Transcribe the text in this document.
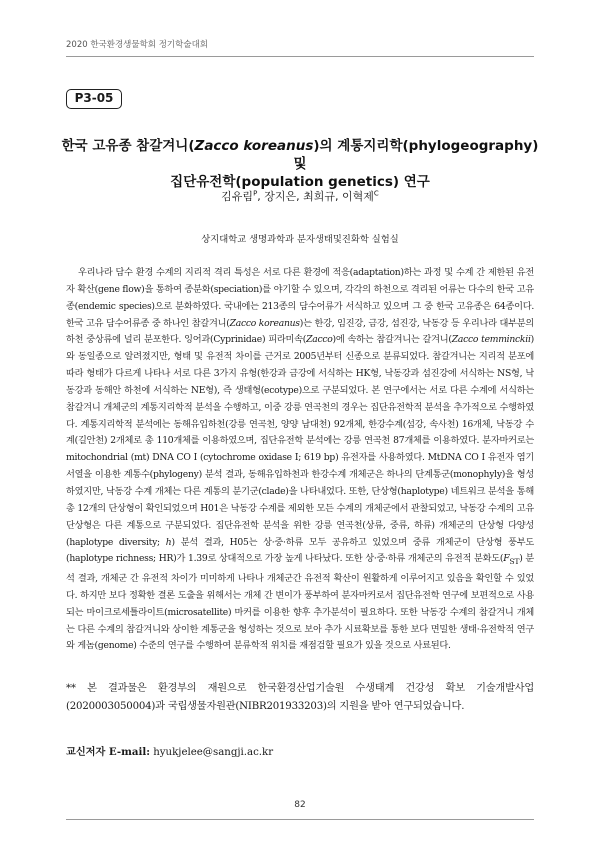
2020 한국환경생물학회 정기학술대회
P3-05
한국 고유종 참갈겨니(Zacco koreanus)의 계통지리학(phylogeography) 및
집단유전학(population genetics) 연구
김유림$^P$, 장지은, 최희규, 이혁제$^C$
상지대학교 생명과학과 분자생태및진화학 실험실
우리나라 담수 환경 수계의 지리적 격리 특성은 서로 다른 환경에 적응(adaptation)하는 과정 및 수계 간 제한된 유전자 확산(gene flow)을 통하여 종분화(speciation)를 야기할 수 있으며, 각각의 하천으로 격리된 어류는 다수의 한국 고유종(endemic species)으로 분화하였다. 국내에는 213종의 담수어류가 서식하고 있으며 그 중 한국 고유종은 64종이다. 한국 고유 담수어류종 중 하나인 참갈겨니(Zacco koreanus)는 한강, 임진강, 금강, 섬진강, 낙동강 등 우리나라 대부분의 하천 중상류에 널리 분포한다. 잉어과(Cyprinidae) 피라미속(Zacco)에 속하는 참갈겨니는 갈겨니(Zacco temminckii)와 동일종으로 알려졌지만, 형태 및 유전적 차이를 근거로 2005년부터 신종으로 분류되었다. 참갈겨니는 지리적 분포에 따라 형태가 다르게 나타나 서로 다른 3가지 유형(한강과 금강에 서식하는 HK형, 낙동강과 섬진강에 서식하는 NS형, 낙동강과 동해안 하천에 서식하는 NE형), 즉 생태형(ecotype)으로 구분되었다. 본 연구에서는 서로 다른 수계에 서식하는 참갈겨니 개체군의 계통지리학적 분석을 수행하고, 이중 강릉 연곡천의 경우는 집단유전학적 분석을 추가적으로 수행하였다. 계통지리학적 분석에는 동해유입하천(강릉 연곡천, 양양 남대천) 92개체, 한강수계(섬강, 속사천) 16개체, 낙동강 수계(길안천) 2개체로 총 110개체를 이용하였으며, 집단유전학 분석에는 강릉 연곡천 87개체를 이용하였다. 분자마커로는 mitochondrial (mt) DNA CO I (cytochrome oxidase I; 619 bp) 유전자를 사용하였다. MtDNA CO I 유전자 염기서열을 이용한 계통수(phylogeny) 분석 결과, 동해유입하천과 한강수계 개체군은 하나의 단계통군(monophyly)을 형성하였지만, 낙동강 수계 개체는 다른 계통의 분기군(clade)을 나타내었다. 또한, 단상형(haplotype) 네트워크 분석을 통해 총 12개의 단상형이 확인되었으며 H01은 낙동강 수계를 제외한 모든 수계의 개체군에서 관찰되었고, 낙동강 수계의 고유 단상형은 다른 계통으로 구분되었다. 집단유전학 분석을 위한 강릉 연곡천(상류, 중류, 하류) 개체군의 단상형 다양성(haplotype diversity; h) 분석 결과, H05는 상·중·하류 모두 공유하고 있었으며 중류 개체군이 단상형 풍부도(haplotype richness; HR)가 1.39로 상대적으로 가장 높게 나타났다. 또한 상·중·하류 개체군의 유전적 분화도$(F_{ST})$ 분석 결과, 개체군 간 유전적 차이가 미미하게 나타나 개체군간 유전적 확산이 원활하게 이루어지고 있음을 확인할 수 있었다. 하지만 보다 정확한 결론 도출을 위해서는 개체 간 변이가 풍부하여 분자마커로서 집단유전학 연구에 보편적으로 사용되는 마이크로세틀라이트(microsatellite) 마커를 이용한 향후 추가분석이 필요하다. 또한 낙동강 수계의 참갈겨니 개체는 다른 수계의 참갈겨니와 상이한 계통군을 형성하는 것으로 보아 추가 시료확보를 통한 보다 면밀한 생태·유전학적 연구와 게놈(genome) 수준의 연구를 수행하여 분류학적 위치를 재점검할 필요가 있을 것으로 사료된다.
** 본 결과물은 환경부의 재원으로 한국환경산업기술원 수생태계 건강성 확보 기술개발사업(2020003050004)과 국립생물자원관(NIBR201933203)의 지원을 받아 연구되었습니다.
교신저자 E-mail: hyukjelee@sangji.ac.kr
82
